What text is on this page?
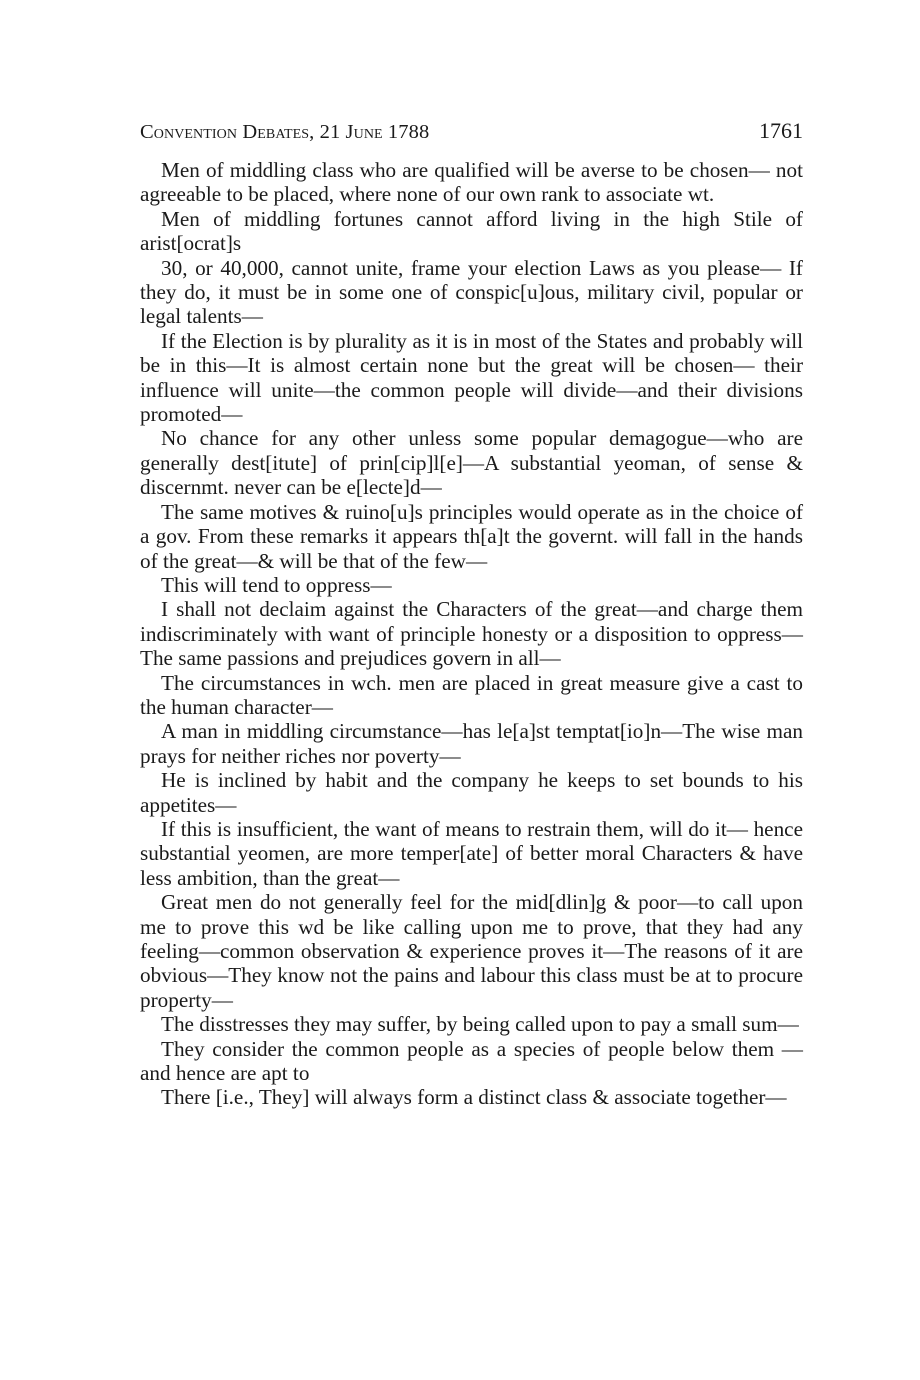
Convention Debates, 21 June 1788	1761

Men of middling class who are qualified will be averse to be chosen— not agreeable to be placed, where none of our own rank to associate wt.

Men of middling fortunes cannot afford living in the high Stile of arist[ocrat]s

30, or 40,000, cannot unite, frame your election Laws as you please— If they do, it must be in some one of conspic[u]ous, military civil, popular or legal talents—

If the Election is by plurality as it is in most of the States and probably will be in this—It is almost certain none but the great will be chosen— their influence will unite—the common people will divide—and their divisions promoted—

No chance for any other unless some popular demagogue—who are generally dest[itute] of prin[cip]l[e]—A substantial yeoman, of sense & discernmt. never can be e[lecte]d—

The same motives & ruino[u]s principles would operate as in the choice of a gov. From these remarks it appears th[a]t the governt. will fall in the hands of the great—& will be that of the few—

This will tend to oppress—

I shall not declaim against the Characters of the great—and charge them indiscriminately with want of principle honesty or a disposition to oppress—The same passions and prejudices govern in all—

The circumstances in wch. men are placed in great measure give a cast to the human character—

A man in middling circumstance—has le[a]st temptat[io]n—The wise man prays for neither riches nor poverty—

He is inclined by habit and the company he keeps to set bounds to his appetites—

If this is insufficient, the want of means to restrain them, will do it— hence substantial yeomen, are more temper[ate] of better moral Characters & have less ambition, than the great—

Great men do not generally feel for the mid[dlin]g & poor—to call upon me to prove this wd be like calling upon me to prove, that they had any feeling—common observation & experience proves it—The reasons of it are obvious—They know not the pains and labour this class must be at to procure property—

The disstresses they may suffer, by being called upon to pay a small sum—

They consider the common people as a species of people below them —and hence are apt to

There [i.e., They] will always form a distinct class & associate together—
